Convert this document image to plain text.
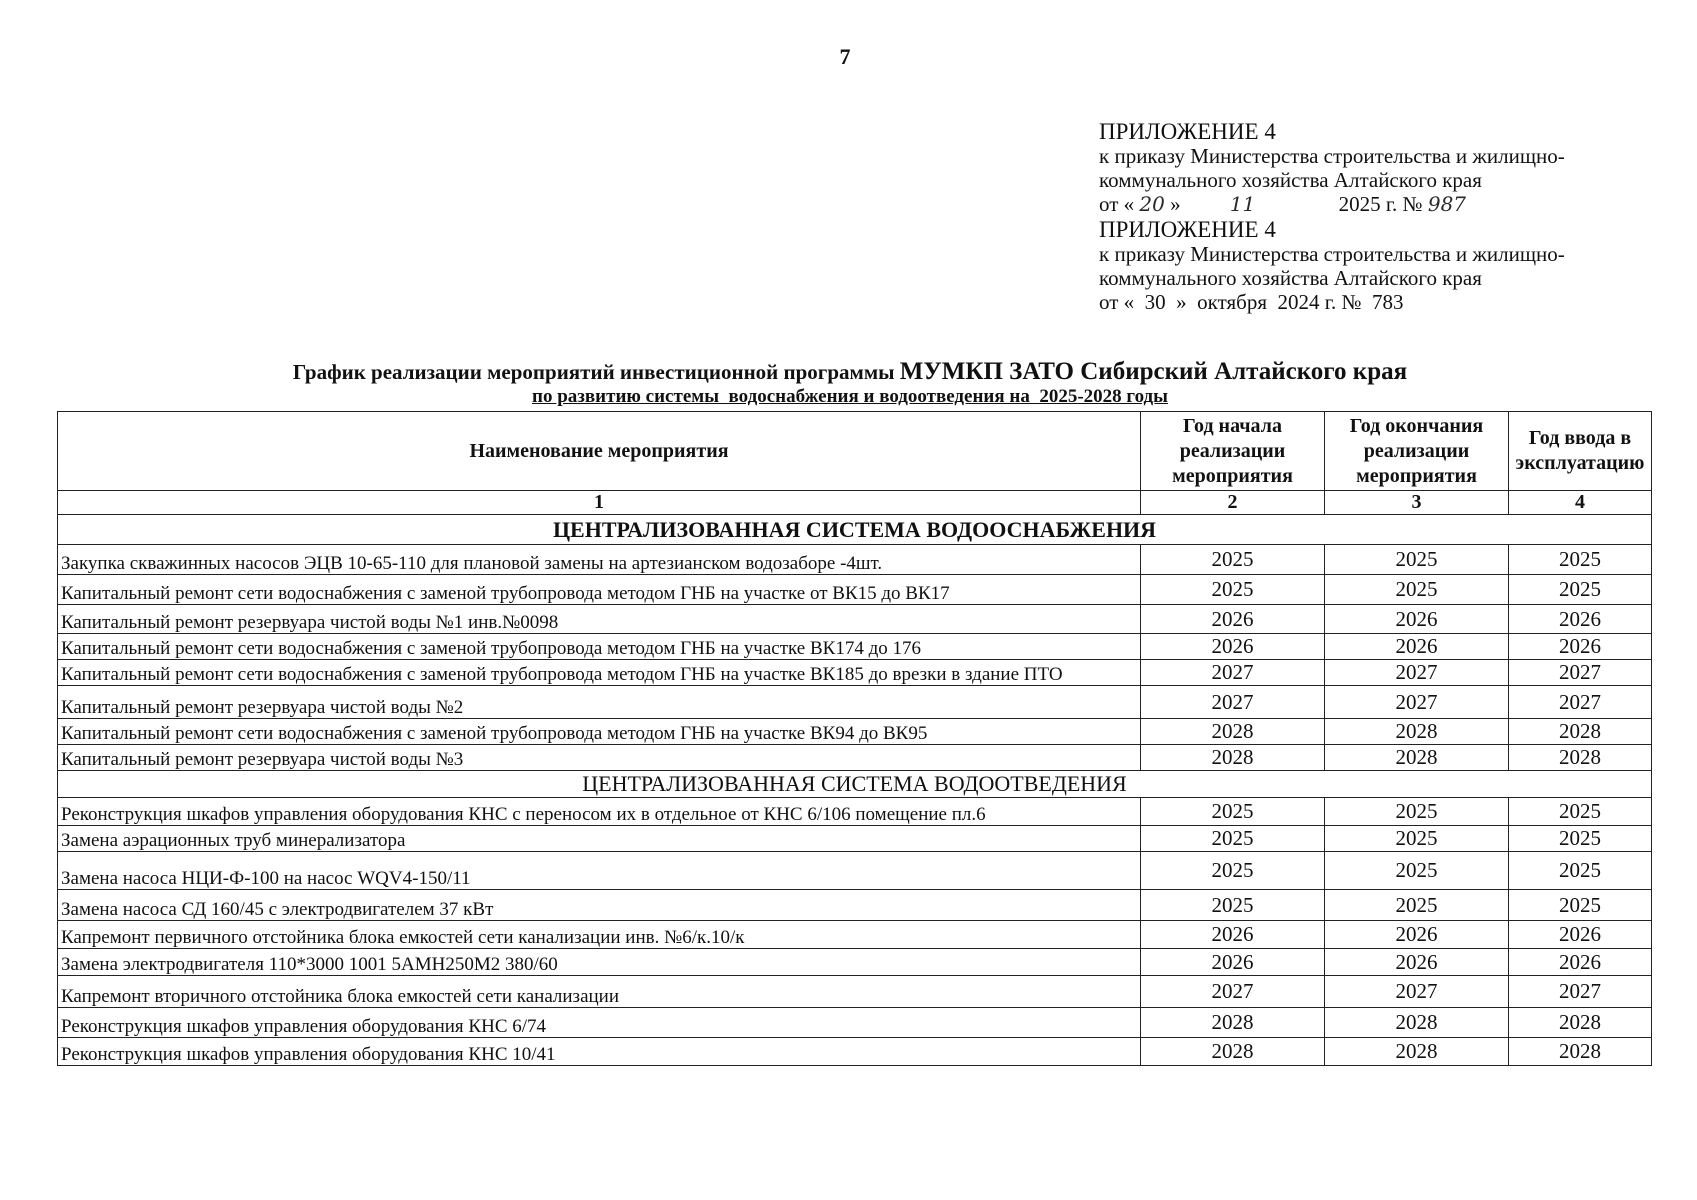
7
ПРИЛОЖЕНИЕ 4
к приказу Министерства строительства и жилищно-
коммунального хозяйства Алтайского края
от « 20 » 11	2025 г. № 987
ПРИЛОЖЕНИЕ 4
к приказу Министерства строительства и жилищно-
коммунального хозяйства Алтайского края
от «  30  »  октября  2024 г. №  783
График реализации мероприятий инвестиционной программы МУМКП ЗАТО Сибирский Алтайского края
по развитию системы  водоснабжения и водоотведения на  2025-2028 годы
Наименование мероприятия	Год начала реализации мероприятия	Год окончания реализации мероприятия	Год ввода в эксплуатацию
1	2	3	4
ЦЕНТРАЛИЗОВАННАЯ СИСТЕМА ВОДООСНАБЖЕНИЯ			
Закупка скважинных насосов ЭЦВ 10-65-110 для плановой замены на артезианском водозаборе -4шт.	2025	2025	2025
Капитальный ремонт сети водоснабжения с заменой трубопровода методом ГНБ на участке от ВК15 до ВК17	2025	2025	2025
Капитальный ремонт резервуара чистой воды №1 инв.№0098	2026	2026	2026
Капитальный ремонт сети водоснабжения с заменой трубопровода методом ГНБ на участке ВК174 до 176	2026	2026	2026
Капитальный ремонт сети водоснабжения с заменой трубопровода методом ГНБ на участке ВК185 до врезки в здание ПТО	2027	2027	2027
Капитальный ремонт резервуара чистой воды №2	2027	2027	2027
Капитальный ремонт сети водоснабжения с заменой трубопровода методом ГНБ на участке ВК94 до ВК95	2028	2028	2028
Капитальный ремонт резервуара чистой воды №3	2028	2028	2028
ЦЕНТРАЛИЗОВАННАЯ СИСТЕМА ВОДООТВЕДЕНИЯ			
Реконструкция шкафов управления оборудования КНС с переносом их в отдельное от КНС 6/106 помещение пл.6	2025	2025	2025
Замена аэрационных труб минерализатора	2025	2025	2025
Замена насоса НЦИ-Ф-100 на насос WQV4-150/11	2025	2025	2025
Замена насоса СД 160/45 с электродвигателем 37 кВт	2025	2025	2025
Капремонт первичного отстойника блока емкостей сети канализации инв. №6/к.10/к	2026	2026	2026
Замена электродвигателя 110*3000 1001 5АМН250М2 380/60	2026	2026	2026
Капремонт вторичного отстойника блока емкостей сети канализации	2027	2027	2027
Реконструкция шкафов управления оборудования КНС 6/74	2028	2028	2028
Реконструкция шкафов управления оборудования КНС 10/41	2028	2028	2028
